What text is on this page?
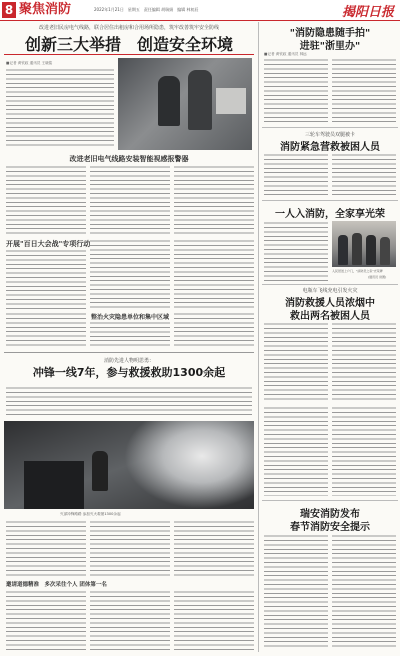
8 聚焦消防	2022年1月21日　星期五　责任编辑 胡瑞娟　编辑 林初辰	揭阳日报
改进老旧民房电气线路，联合居住出租房和合用场所隐患，筑牢改善筑牢安全防线
创新三大举措　创造安全环境
■记者 黄钦政 通讯员 王晓铭
改进老旧电气线路安装智能视感报警器
开展"百日大会战"专项行动
整治火灾隐患单位和集中区域
消防先进人物明思勇：
冲锋一线7年，参与救援救助1300余起
灭部冲锋路路 参加灭火救援1300余起
邀请道德精准　多次采往个人 团体第一名
"消防隐患随手拍"
进驻"浙里办"
■记者 黄钦政 通讯员 林远
三轮车驾驶员双腿被卡
消防紧急营救被困人员
一人入消防，全家享光荣
入民居送上户门，"消防员之家"光荣牌
(通讯员 供图)
电瓶车飞线充电引发火灾
消防救援人员浓烟中
救出两名被困人员
瑞安消防发布
春节消防安全提示
